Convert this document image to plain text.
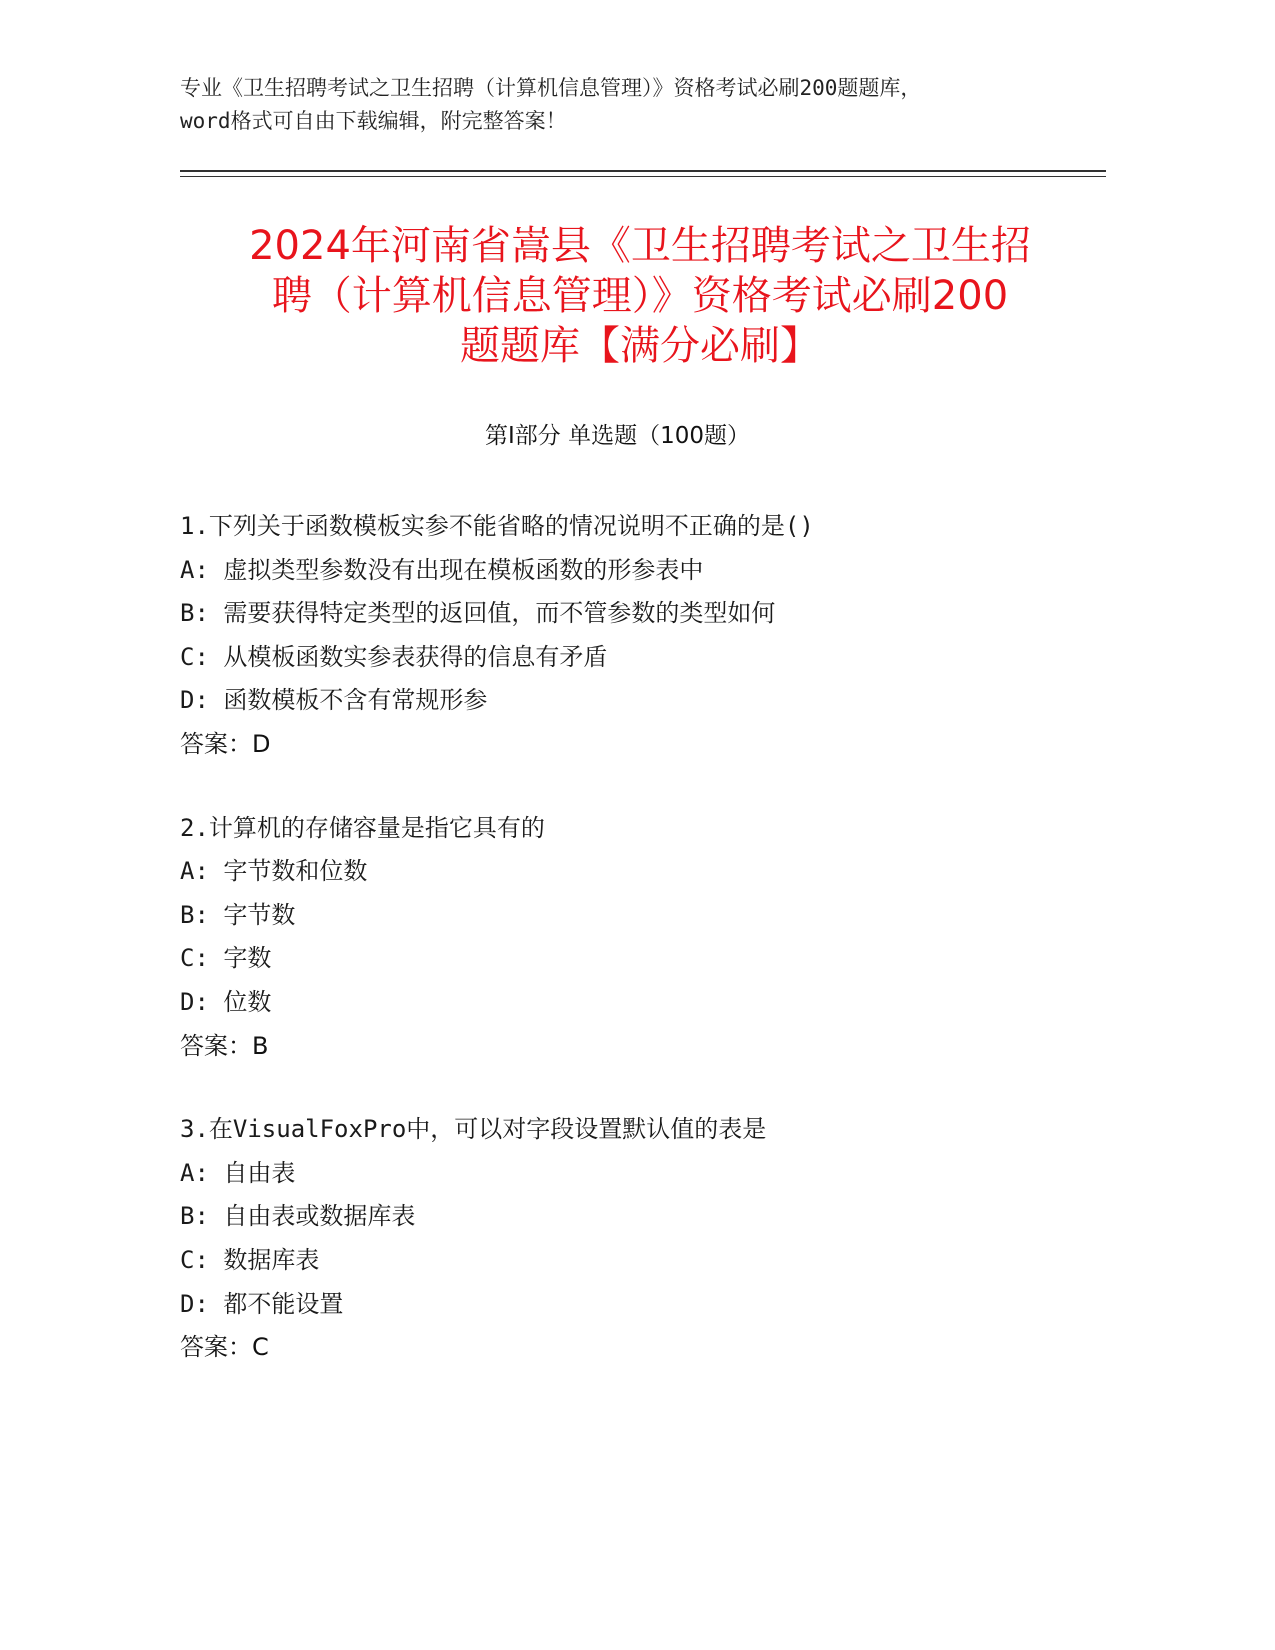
专业《卫生招聘考试之卫生招聘（计算机信息管理）》资格考试必刷200题题库，
word格式可自由下载编辑，附完整答案！
2024年河南省嵩县《卫生招聘考试之卫生招
聘（计算机信息管理）》资格考试必刷200
题题库【满分必刷】
第Ⅰ部分 单选题（100题）
1.下列关于函数模板实参不能省略的情况说明不正确的是()
A: 虚拟类型参数没有出现在模板函数的形参表中
B: 需要获得特定类型的返回值，而不管参数的类型如何
C: 从模板函数实参表获得的信息有矛盾
D: 函数模板不含有常规形参
答案：D
2.计算机的存储容量是指它具有的
A: 字节数和位数
B: 字节数
C: 字数
D: 位数
答案：B
3.在VisualFoxPro中，可以对字段设置默认值的表是
A: 自由表
B: 自由表或数据库表
C: 数据库表
D: 都不能设置
答案：C
